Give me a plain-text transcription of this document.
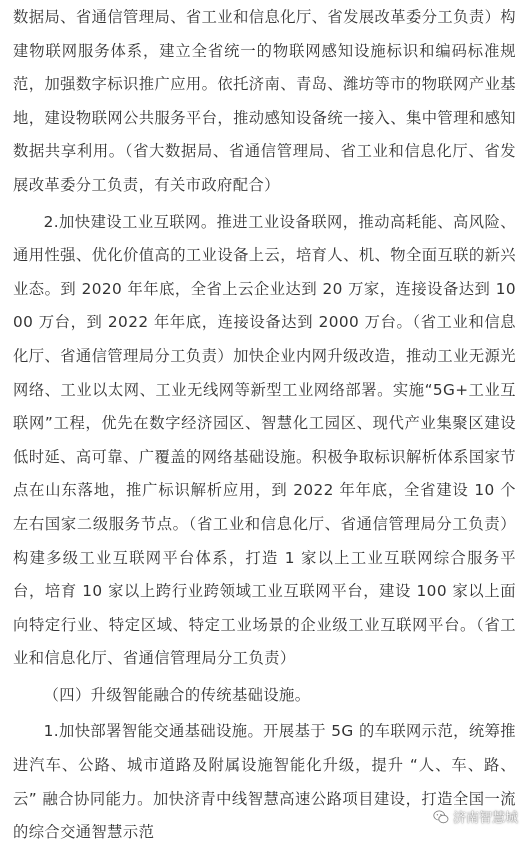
数据局、省通信管理局、省工业和信息化厅、省发展改革委分工负责）构建物联网服务体系，建立全省统一的物联网感知设施标识和编码标准规范，加强数字标识推广应用。依托济南、青岛、潍坊等市的物联网产业基地，建设物联网公共服务平台，推动感知设备统一接入、集中管理和感知数据共享利用。（省大数据局、省通信管理局、省工业和信息化厅、省发展改革委分工负责，有关市政府配合）

2.加快建设工业互联网。推进工业设备联网，推动高耗能、高风险、通用性强、优化价值高的工业设备上云，培育人、机、物全面互联的新兴业态。到 2020 年年底，全省上云企业达到 20 万家，连接设备达到 1000 万台，到 2022 年年底，连接设备达到 2000 万台。（省工业和信息化厅、省通信管理局分工负责）加快企业内网升级改造，推动工业无源光网络、工业以太网、工业无线网等新型工业网络部署。实施“5G+工业互联网”工程，优先在数字经济园区、智慧化工园区、现代产业集聚区建设低时延、高可靠、广覆盖的网络基础设施。积极争取标识解析体系国家节点在山东落地，推广标识解析应用，到 2022 年年底，全省建设 10 个左右国家二级服务节点。（省工业和信息化厅、省通信管理局分工负责）构建多级工业互联网平台体系，打造 1 家以上工业互联网综合服务平台，培育 10 家以上跨行业跨领域工业互联网平台，建设 100 家以上面向特定行业、特定区域、特定工业场景的企业级工业互联网平台。（省工业和信息化厅、省通信管理局分工负责）

（四）升级智能融合的传统基础设施。

1.加快部署智能交通基础设施。开展基于 5G 的车联网示范，统筹推进汽车、公路、城市道路及附属设施智能化升级，提升 “人、车、路、云” 融合协同能力。加快济青中线智慧高速公路项目建设，打造全国一流的综合交通智慧示范

济南智慧城
